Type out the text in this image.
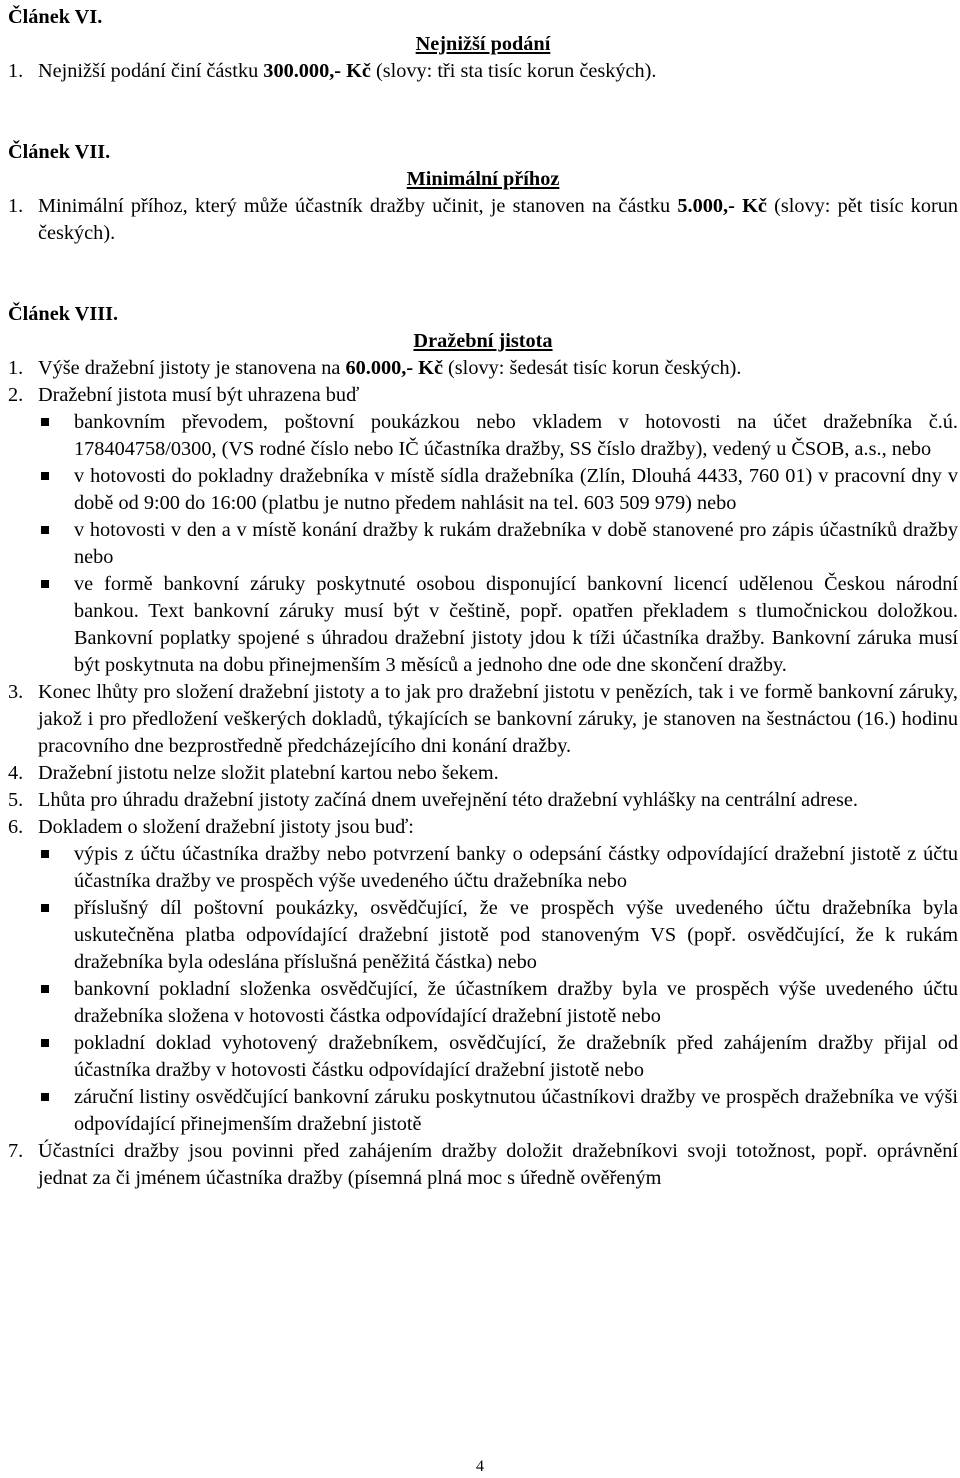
Článek VI.

Nejnižší podání

1. Nejnižší podání činí částku 300.000,- Kč (slovy: tři sta tisíc korun českých).

Článek VII.

Minimální příhoz

1. Minimální příhoz, který může účastník dražby učinit, je stanoven na částku 5.000,- Kč (slovy: pět tisíc korun českých).

Článek VIII.

Dražební jistota

1. Výše dražební jistoty je stanovena na 60.000,- Kč (slovy: šedesát tisíc korun českých).

2. Dražební jistota musí být uhrazena buď

bankovním převodem, poštovní poukázkou nebo vkladem v hotovosti na účet dražebníka č.ú. 178404758/0300, (VS rodné číslo nebo IČ účastníka dražby, SS číslo dražby), vedený u ČSOB, a.s., nebo
v hotovosti do pokladny dražebníka v místě sídla dražebníka (Zlín, Dlouhá 4433, 760 01) v pracovní dny v době od 9:00 do 16:00 (platbu je nutno předem nahlásit na tel. 603 509 979) nebo
v hotovosti v den a v místě konání dražby k rukám dražebníka v době stanovené pro zápis účastníků dražby nebo
ve formě bankovní záruky poskytnuté osobou disponující bankovní licencí udělenou Českou národní bankou. Text bankovní záruky musí být v češtině, popř. opatřen překladem s tlumočnickou doložkou. Bankovní poplatky spojené s úhradou dražební jistoty jdou k tíži účastníka dražby. Bankovní záruka musí být poskytnuta na dobu přinejmenším 3 měsíců a jednoho dne ode dne skončení dražby.

3. Konec lhůty pro složení dražební jistoty a to jak pro dražební jistotu v penězích, tak i ve formě bankovní záruky, jakož i pro předložení veškerých dokladů, týkajících se bankovní záruky, je stanoven na šestnáctou (16.) hodinu pracovního dne bezprostředně předcházejícího dni konání dražby.

4. Dražební jistotu nelze složit platební kartou nebo šekem.

5. Lhůta pro úhradu dražební jistoty začíná dnem uveřejnění této dražební vyhlášky na centrální adrese.

6. Dokladem o složení dražební jistoty jsou buď:

výpis z účtu účastníka dražby nebo potvrzení banky o odepsání částky odpovídající dražební jistotě z účtu účastníka dražby ve prospěch výše uvedeného účtu dražebníka nebo
příslušný díl poštovní poukázky, osvědčující, že ve prospěch výše uvedeného účtu dražebníka byla uskutečněna platba odpovídající dražební jistotě pod stanoveným VS (popř. osvědčující, že k rukám dražebníka byla odeslána příslušná peněžitá částka) nebo
bankovní pokladní složenka osvědčující, že účastníkem dražby byla ve prospěch výše uvedeného účtu dražebníka složena v hotovosti částka odpovídající dražební jistotě nebo
pokladní doklad vyhotovený dražebníkem, osvědčující, že dražebník před zahájením dražby přijal od účastníka dražby v hotovosti částku odpovídající dražební jistotě nebo
záruční listiny osvědčující bankovní záruku poskytnutou účastníkovi dražby ve prospěch dražebníka ve výši odpovídající přinejmenším dražební jistotě

7. Účastníci dražby jsou povinni před zahájením dražby doložit dražebníkovi svoji totožnost, popř. oprávnění jednat za či jménem účastníka dražby (písemná plná moc s úředně ověřeným

4
